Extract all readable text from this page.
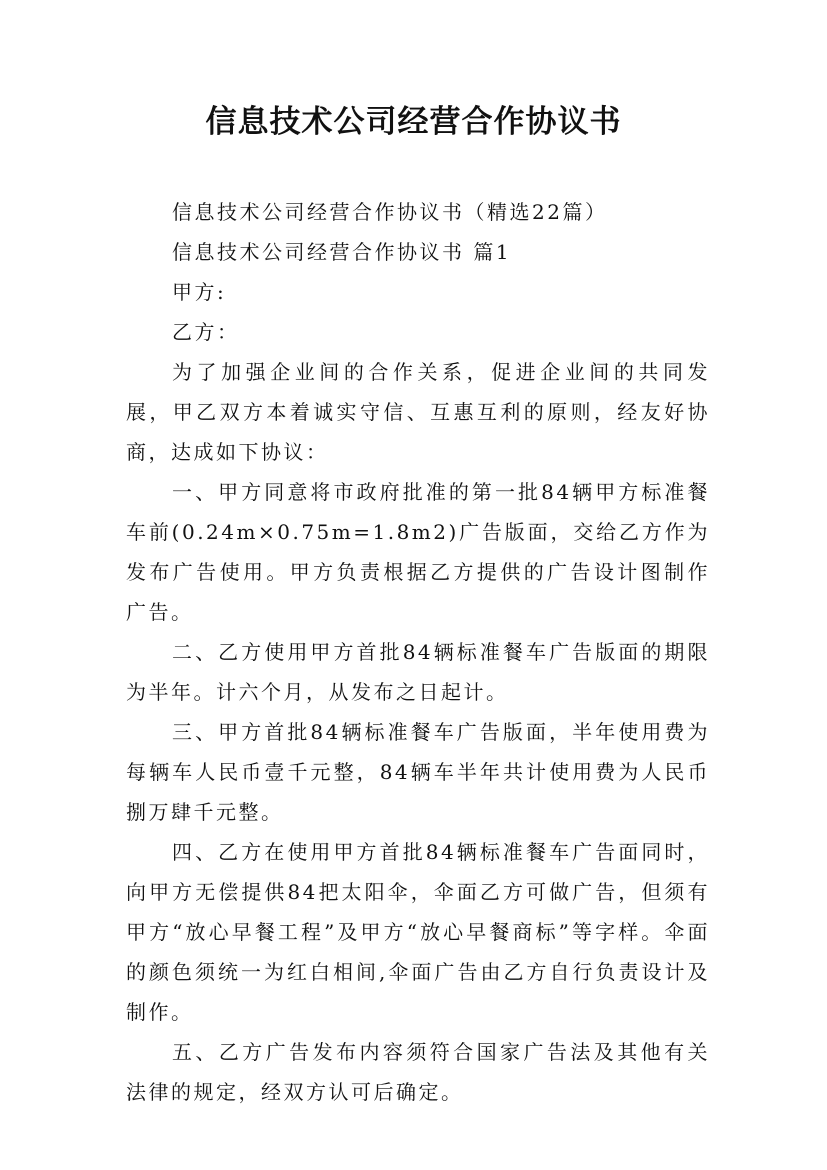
信息技术公司经营合作协议书

信息技术公司经营合作协议书（精选22篇）

信息技术公司经营合作协议书 篇1

甲方:

乙方：

为了加强企业间的合作关系，促进企业间的共同发展，甲乙双方本着诚实守信、互惠互利的原则，经友好协商，达成如下协议：

一、甲方同意将市政府批准的第一批84辆甲方标准餐车前(0.24m×0.75m=1.8m2)广告版面，交给乙方作为发布广告使用。甲方负责根据乙方提供的广告设计图制作广告。

二、乙方使用甲方首批84辆标准餐车广告版面的期限为半年。计六个月，从发布之日起计。

三、甲方首批84辆标准餐车广告版面，半年使用费为每辆车人民币壹千元整，84辆车半年共计使用费为人民币捌万肆千元整。

四、乙方在使用甲方首批84辆标准餐车广告面同时，向甲方无偿提供84把太阳伞，伞面乙方可做广告，但须有甲方“放心早餐工程”及甲方“放心早餐商标”等字样。伞面的颜色须统一为红白相间,伞面广告由乙方自行负责设计及制作。

五、乙方广告发布内容须符合国家广告法及其他有关法律的规定，经双方认可后确定。
